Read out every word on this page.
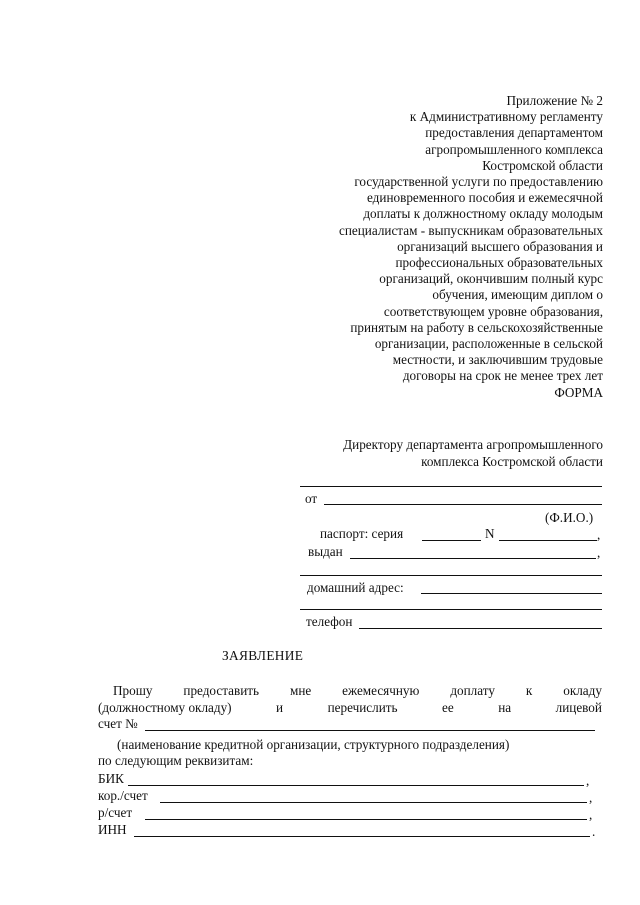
Приложение № 2
к Административному регламенту
предоставления департаментом
агропромышленного комплекса
Костромской области
государственной услуги по предоставлению
единовременного пособия и ежемесячной
доплаты к должностному окладу молодым
специалистам - выпускникам образовательных
организаций высшего образования и
профессиональных образовательных
организаций, окончившим полный курс
обучения, имеющим диплом о
соответствующем уровне образования,
принятым на работу в сельскохозяйственные
организации, расположенные в сельской
местности, и заключившим трудовые
договоры на срок не менее трех лет
ФОРМА
Директору департамента агропромышленного
комплекса Костромской области
от
(Ф.И.О.)
паспорт: серия	N	,
выдан	,
домашний адрес:
телефон
ЗАЯВЛЕНИЕ
Прошу предоставить мне ежемесячную доплату к окладу
(должностному окладу)	и	перечислить	ее	на	лицевой
счет №
(наименование кредитной организации, структурного подразделения)
по следующим реквизитам:
БИК	,
кор./счет	,
р/счет	,
ИНН	.
